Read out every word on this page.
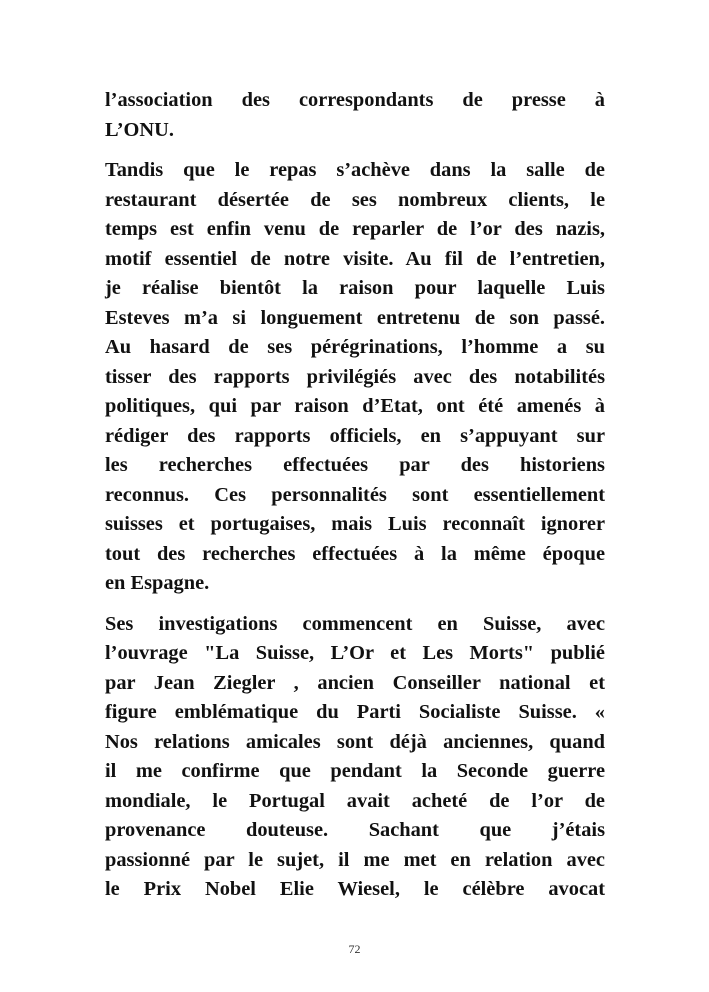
l’association des correspondants de presse à
L’ONU.

Tandis que le repas s’achève dans la salle de
restaurant désertée de ses nombreux clients, le
temps est enfin venu de reparler de l’or des nazis,
motif essentiel de notre visite. Au fil de l’entretien,
je réalise bientôt la raison pour laquelle Luis
Esteves m’a si longuement entretenu de son passé.
Au hasard de ses pérégrinations, l’homme a su
tisser des rapports privilégiés avec des notabilités
politiques, qui par raison d’Etat, ont été amenés à
rédiger des rapports officiels, en s’appuyant sur
les recherches effectuées par des historiens
reconnus. Ces personnalités sont essentiellement
suisses et portugaises, mais Luis reconnaît ignorer
tout des recherches effectuées à la même époque
en Espagne.

Ses investigations commencent en Suisse, avec
l’ouvrage "La Suisse, L’Or et Les Morts" publié
par Jean Ziegler , ancien Conseiller national et
figure emblématique du Parti Socialiste Suisse. «
Nos relations amicales sont déjà anciennes, quand
il me confirme que pendant la Seconde guerre
mondiale, le Portugal avait acheté de l’or de
provenance douteuse. Sachant que j’étais
passionné par le sujet, il me met en relation avec
le Prix Nobel Elie Wiesel, le célèbre avocat

72
